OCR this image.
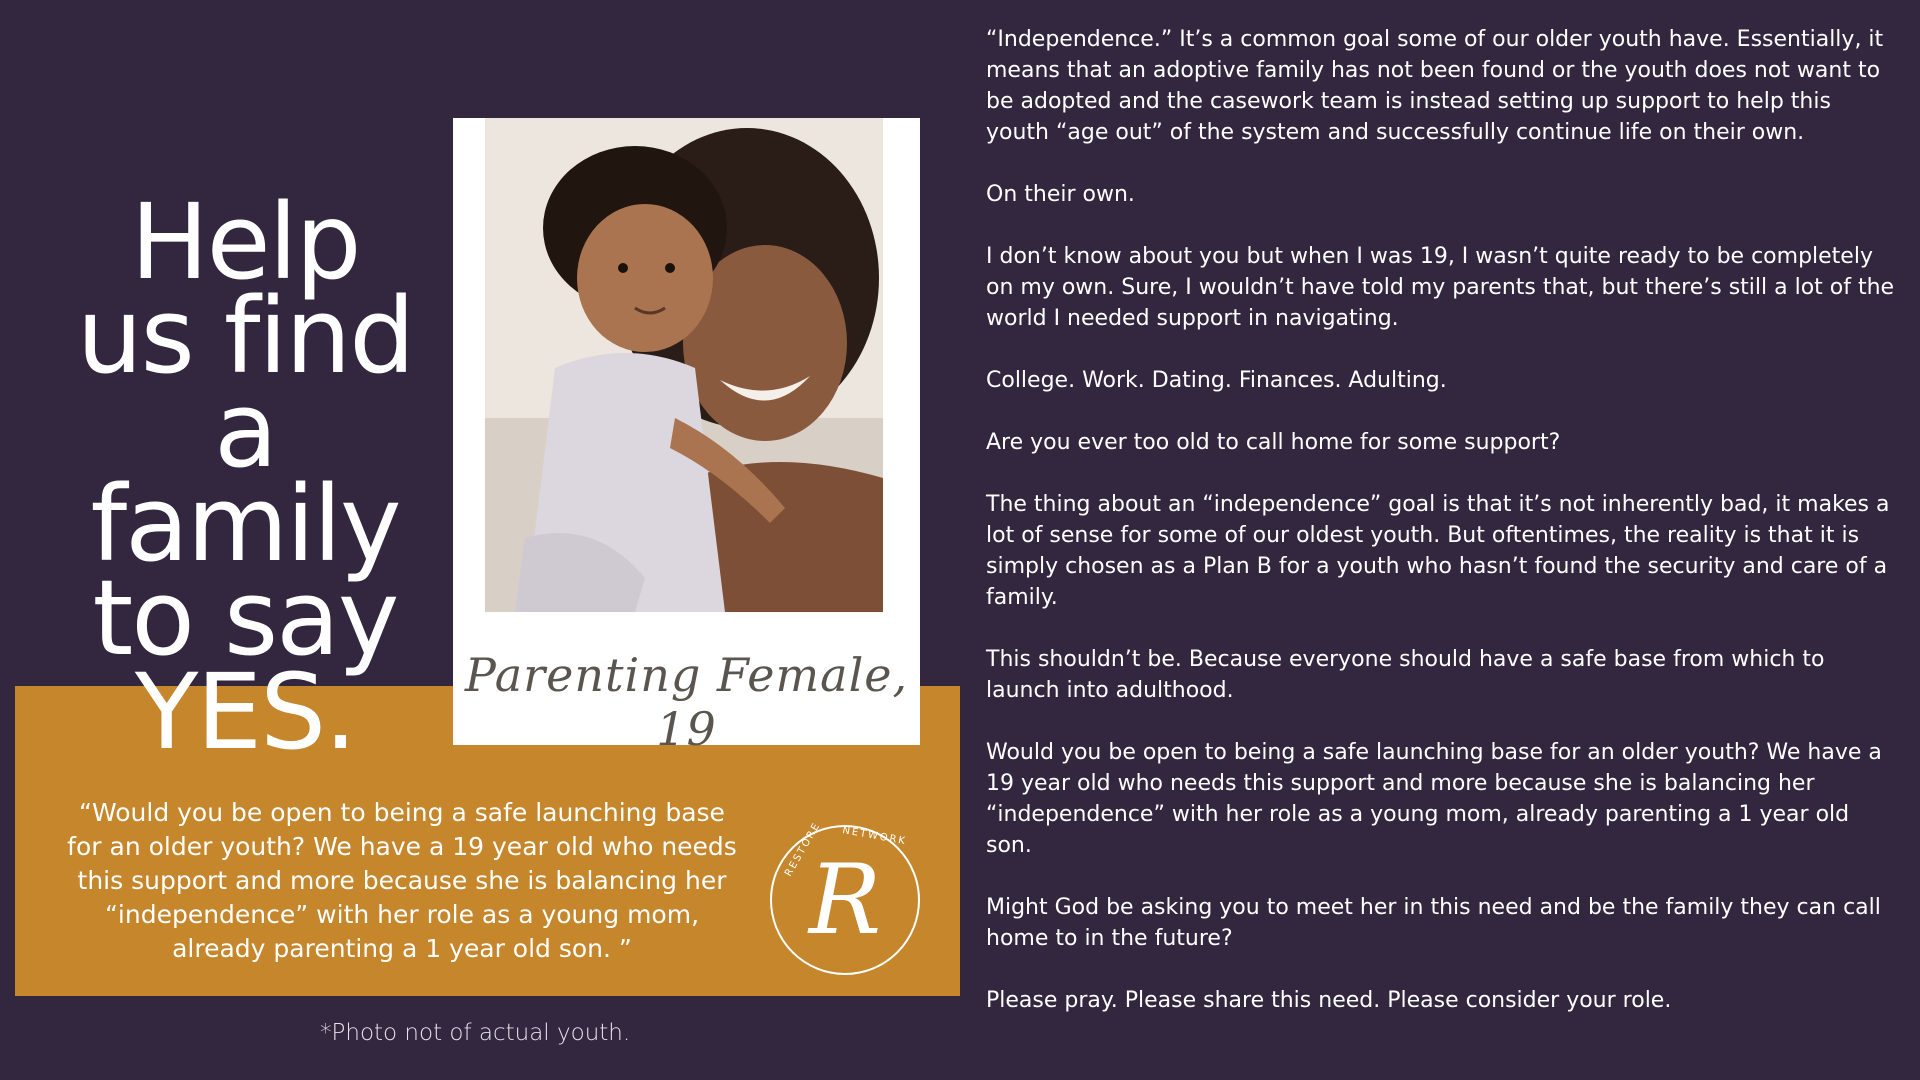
Help
us find
a
family
to say
YES.
“Would you be open to being a safe launching base for an older youth? We have a 19 year old who needs this support and more because she is balancing her “independence” with her role as a young mom, already parenting a 1 year old son. ”
Parenting Female, 19
R
RESTORE NETWORK
*Photo not of actual youth.

“Independence.” It’s a common goal some of our older youth have. Essentially, it means that an adoptive family has not been found or the youth does not want to be adopted and the casework team is instead setting up support to help this youth “age out” of the system and successfully continue life on their own.

On their own.

I don’t know about you but when I was 19, I wasn’t quite ready to be completely on my own. Sure, I wouldn’t have told my parents that, but there’s still a lot of the world I needed support in navigating.

College. Work. Dating. Finances. Adulting.

Are you ever too old to call home for some support?

The thing about an “independence” goal is that it’s not inherently bad, it makes a lot of sense for some of our oldest youth. But oftentimes, the reality is that it is simply chosen as a Plan B for a youth who hasn’t found the security and care of a family.

This shouldn’t be. Because everyone should have a safe base from which to launch into adulthood.

Would you be open to being a safe launching base for an older youth? We have a 19 year old who needs this support and more because she is balancing her “independence” with her role as a young mom, already parenting a 1 year old son.

Might God be asking you to meet her in this need and be the family they can call home to in the future?

Please pray. Please share this need. Please consider your role.
